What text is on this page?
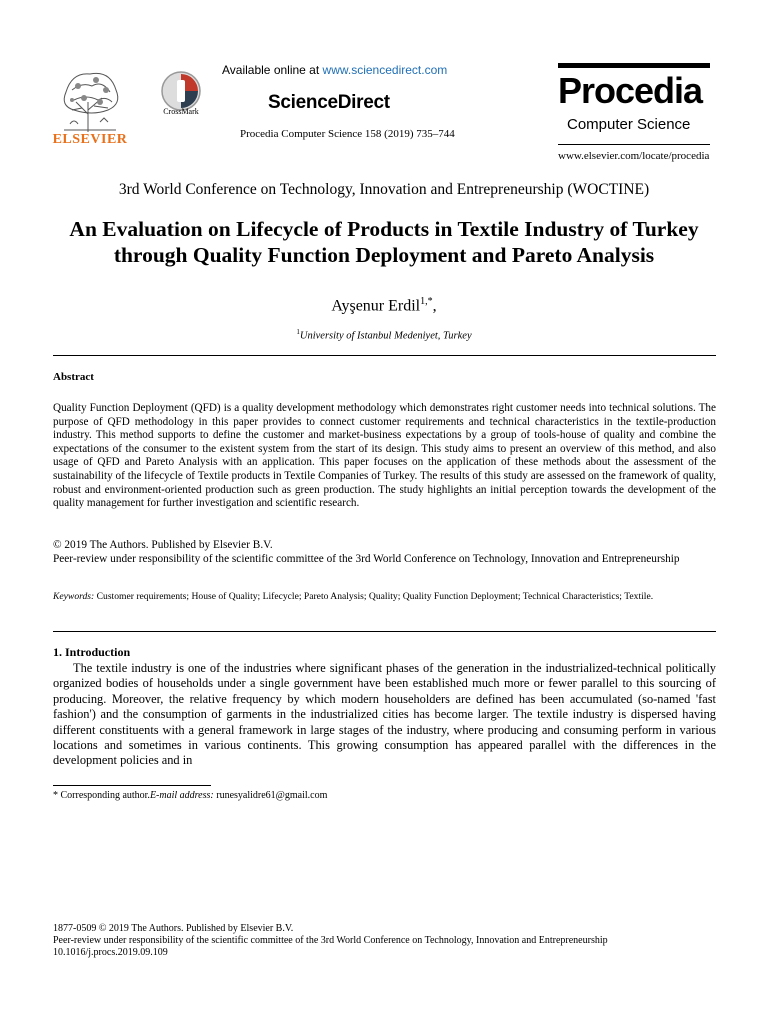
ELSEVIER
CrossMark
Available online at www.sciencedirect.com
ScienceDirect
Procedia Computer Science 158 (2019) 735–744
Procedia
Computer Science
www.elsevier.com/locate/procedia
3rd World Conference on Technology, Innovation and Entrepreneurship (WOCTINE)
An Evaluation on Lifecycle of Products in Textile Industry of Turkey through Quality Function Deployment and Pareto Analysis
Ayşenur Erdil$^{1,*}$,
$^1$University of Istanbul Medeniyet, Turkey
Abstract
Quality Function Deployment (QFD) is a quality development methodology which demonstrates right customer needs into technical solutions. The purpose of QFD methodology in this paper provides to connect customer requirements and technical characteristics in the textile-production industry. This method supports to define the customer and market-business expectations by a group of tools-house of quality and combine the expectations of the consumer to the existent system from the start of its design. This study aims to present an overview of this method, and also usage of QFD and Pareto Analysis with an application. This paper focuses on the application of these methods about the assessment of the sustainability of the lifecycle of Textile products in Textile Companies of Turkey. The results of this study are assessed on the framework of quality, robust and environment-oriented production such as green production. The study highlights an initial perception towards the development of the quality management for further investigation and scientific research.
© 2019 The Authors. Published by Elsevier B.V.
Peer-review under responsibility of the scientific committee of the 3rd World Conference on Technology, Innovation and Entrepreneurship
Keywords: Customer requirements; House of Quality; Lifecycle; Pareto Analysis; Quality; Quality Function Deployment; Technical Characteristics; Textile.
1. Introduction
The textile industry is one of the industries where significant phases of the generation in the industrialized-technical politically organized bodies of households under a single government have been established much more or fewer parallel to this sourcing of producing. Moreover, the relative frequency by which modern householders are defined has been accumulated (so-named 'fast fashion') and the consumption of garments in the industrialized cities has become larger. The textile industry is dispersed having different constituents with a general framework in large stages of the industry, where producing and consuming perform in various locations and sometimes in various continents. This growing consumption has appeared parallel with the differences in the development policies and in
* Corresponding author.E-mail address: runesyalidre61@gmail.com
1877-0509 © 2019 The Authors. Published by Elsevier B.V.
Peer-review under responsibility of the scientific committee of the 3rd World Conference on Technology, Innovation and Entrepreneurship
10.1016/j.procs.2019.09.109
